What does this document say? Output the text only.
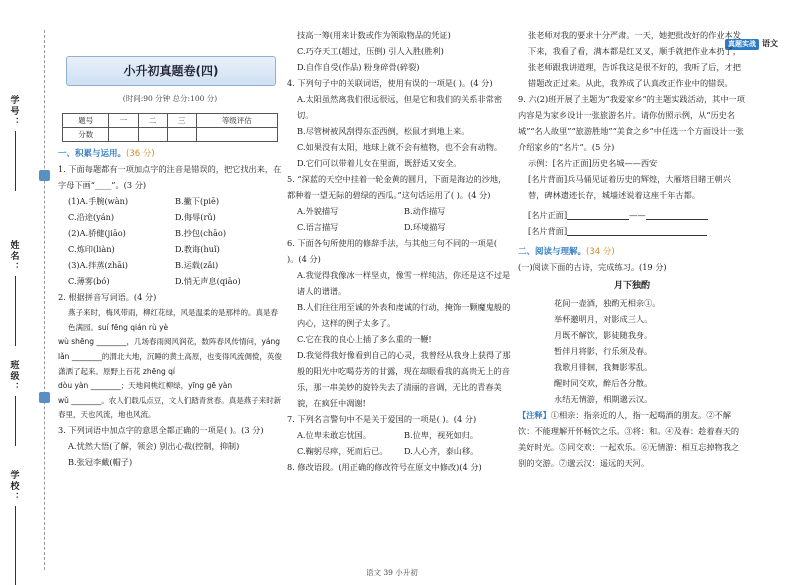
学号：
姓名：
班级：
学校：
真题实战 语文
小升初真题卷(四)
(时间:90 分钟 总分:100 分)
题号	一	二	三	等级评估
分数				
一、积累与运用。(36 分)
1. 下面每题都有一项加点字的注音是错误的，把它找出来，在字母下画“____”。(3 分)
(1)A.手腕(wàn)	B.撇下(piē)
C.沿途(yán)	D.侮辱(rǔ)
(2)A.骄健(jiāo)	B.抄包(chāo)
C.炼印(liàn)	D.教诲(huǐ)
(3)A.拌蒸(zhāi)	B.运载(zǎi)
C.薄雾(bó)	D.悄无声息(qiāo)
2. 根据拼音写词语。(4 分)
燕子来时，梅风带雨，柳红花绿，风是温柔的是那样的。真是春色满园。suí fēng qián rù yè
wù shēng ________，几场春雨阅风润花，数阵春风传情问，yáng lǎn ________的渭北大地，沉睡的黄土高原，也变得风流倜傥，英俊潇洒了起来。原野上百花 zhēng qí
dòu yàn ________；天地间桃红柳绿，yīng gē yàn
wǔ ________。农人们载瓜点豆，文人们踏青赏春。真是燕子来时新春里，天也风流，地也风流。
3. 下列词语中加点字的意思全都正确的一项是( )。(3 分)
A.忧然大悟(了解，领会) 别出心裁(控制，抑制)
B.张冠李戴(帽子)
技高一筹(用来计数或作为领取物品的凭证)
C.巧夺天工(超过，压倒) 引人入胜(胜利)
D.自作自受(作品) 粉身碎骨(碎裂)
4. 下列句子中的关联词语，使用有误的一项是( )。(4 分)
A.太阳虽然离我们很远很远，但是它和我们的关系非常密切。
B.尽管树被风刮得东歪西倒，松鼠才到地上来。
C.如果没有太阳，地球上就不会有植物，也不会有动物。
D.它们可以带着儿女在里面，既舒适又安全。
5. “深蓝的天空中挂着一轮金黄的圆月，下面是海边的沙地，都种着一望无际的碧绿的西瓜。”这句话运用了( )。(4 分)
A.外貌描写	B.动作描写
C.语言描写	D.环境描写
6. 下面各句所使用的修辞手法，与其他三句不同的一项是( )。(4 分)
A.我觉得我像冰一样坚贞，像雪一样纯洁，你还是这不过是诸人的谱谱。
B.人们往往用至诚的外表和虔诚的行动，掩饰一颗魔鬼般的内心，这样的例子太多了。
C.它在我的良心上插了多么重的一鞭!
D.我觉得我好像看到自己的心灵，我曾经从我身上获得了那般的阳光中吃喝芬芳的甘露，现在却眼看我的高贵无上的音乐，那一串美妙的旋铃失去了清丽的音调，无比的青春美貌，在疯狂中凋谢!
7. 下列名言警句中不是关于爱国的一项是( )。(4 分)
A.位卑未敢忘忧国。	B.位卑，视死如归。
C.鞠躬尽瘁，死而后已。	D.人心齐，泰山移。
8. 修改语段。(用正确的修改符号在原文中修改)(4 分)
张老师对我的要求十分严肃。一天，她把批改好的作业本发下来，我看了看，满本都是红叉叉，顺手就把作业本扔了，张老师跟我讲道理，告诉我这是很不好的，我听了后，才把错题改正过来。从此，我养成了认真改正作业中的错误。
9. 六(2)班开展了主题为“我爱家乡”的主题实践活动，其中一项内容是为家乡设计一张旅游名片。请你仿照示例，从“历史名城”“名人故里”“旅游胜地”“美食之乡”中任选一个方面设计一张介绍家乡的“名片”。(5 分)
示例：[名片正面]历史名城——西安
[名片背面]兵马俑见证着历史的辉煌，大雁塔目睹王朝兴替，碑林遗迹长存，城墙述说着这座千年古都。
[名片正面]	——
[名片背面]
二、阅读与理解。(34 分)
(一)阅读下面的古诗，完成练习。(19 分)
月下独酌
花间一壶酒，独酌无相亲①。
举杯邀明月，对影成三人。
月既不解饮，影徒随我身。
暂伴月将影，行乐须及春。
我歌月徘徊，我舞影零乱。
醒时同交欢，醉后各分散。
永结无情游，相期邈云汉。
【注释】①相亲：指亲近的人，指一起喝酒的朋友。②不解饮：不能理解开怀畅饮之乐。③将：和。④及春：趁着春天的美好时光。⑤同交欢：一起欢乐。⑥无情游：相互忘掉物我之别的交游。⑦邈云汉：遥远的天河。
语文 39 小升初
